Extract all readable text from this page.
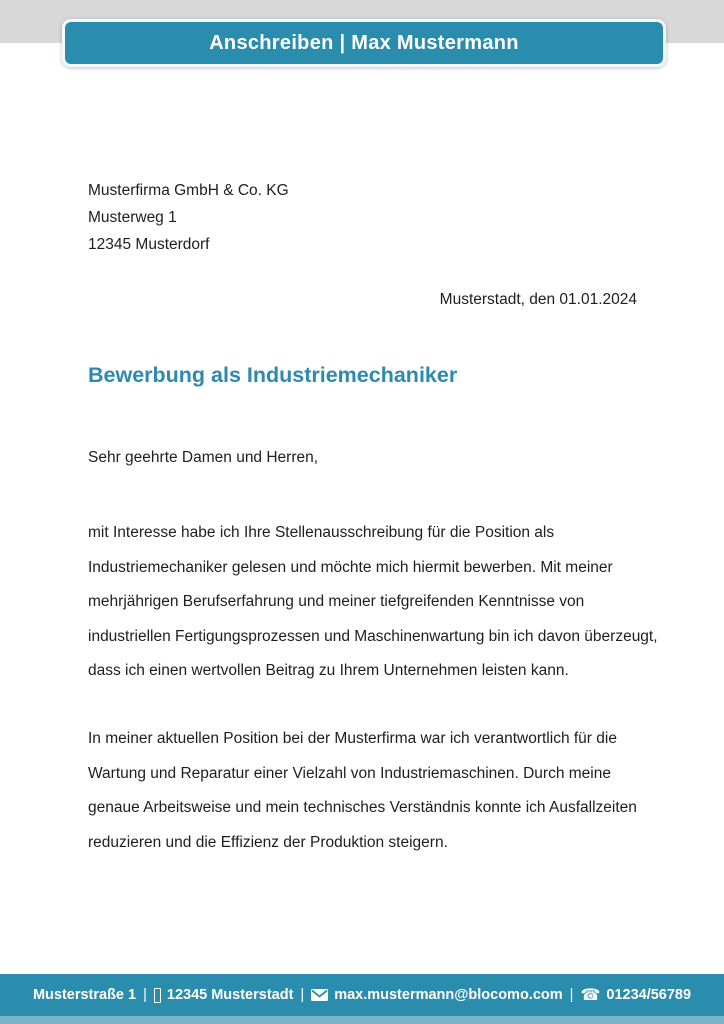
Anschreiben | Max Mustermann
Musterfirma GmbH & Co. KG
Musterweg 1
12345 Musterdorf
Musterstadt, den 01.01.2024
Bewerbung als Industriemechaniker
Sehr geehrte Damen und Herren,
mit Interesse habe ich Ihre Stellenausschreibung für die Position als
Industriemechaniker gelesen und möchte mich hiermit bewerben. Mit meiner
mehrjährigen Berufserfahrung und meiner tiefgreifenden Kenntnisse von
industriellen Fertigungsprozessen und Maschinenwartung bin ich davon überzeugt,
dass ich einen wertvollen Beitrag zu Ihrem Unternehmen leisten kann.
In meiner aktuellen Position bei der Musterfirma war ich verantwortlich für die
Wartung und Reparatur einer Vielzahl von Industriemaschinen. Durch meine
genaue Arbeitsweise und mein technisches Verständnis konnte ich Ausfallzeiten
reduzieren und die Effizienz der Produktion steigern.
Musterstraße 1 | 12345 Musterstadt | max.mustermann@blocomo.com | ☎ 01234/56789
